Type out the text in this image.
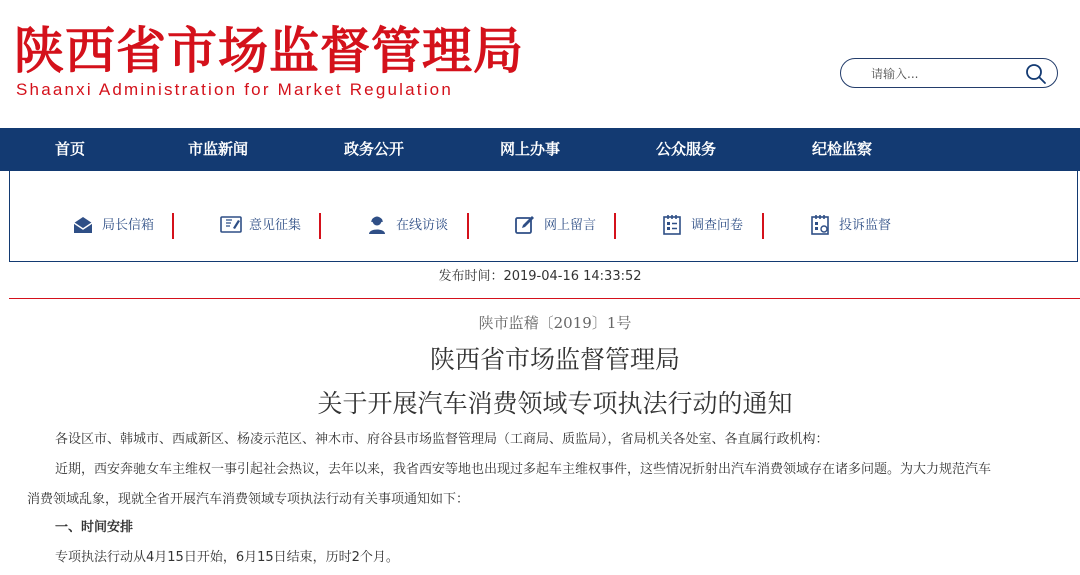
陕西省市场监督管理局
Shaanxi Administration for Market Regulation
请输入...
首页	市监新闻	政务公开	网上办事	公众服务	纪检监察
局长信箱	意见征集	在线访谈	网上留言	调查问卷	投诉监督
发布时间：2019-04-16 14:33:52
陕市监稽〔2019〕1号
陕西省市场监督管理局
关于开展汽车消费领域专项执法行动的通知
各设区市、韩城市、西咸新区、杨凌示范区、神木市、府谷县市场监督管理局（工商局、质监局），省局机关各处室、各直属行政机构：
近期，西安奔驰女车主维权一事引起社会热议，去年以来，我省西安等地也出现过多起车主维权事件，这些情况折射出汽车消费领域存在诸多问题。为大力规范汽车
消费领域乱象，现就全省开展汽车消费领域专项执法行动有关事项通知如下：
一、时间安排
专项执法行动从4月15日开始，6月15日结束，历时2个月。
